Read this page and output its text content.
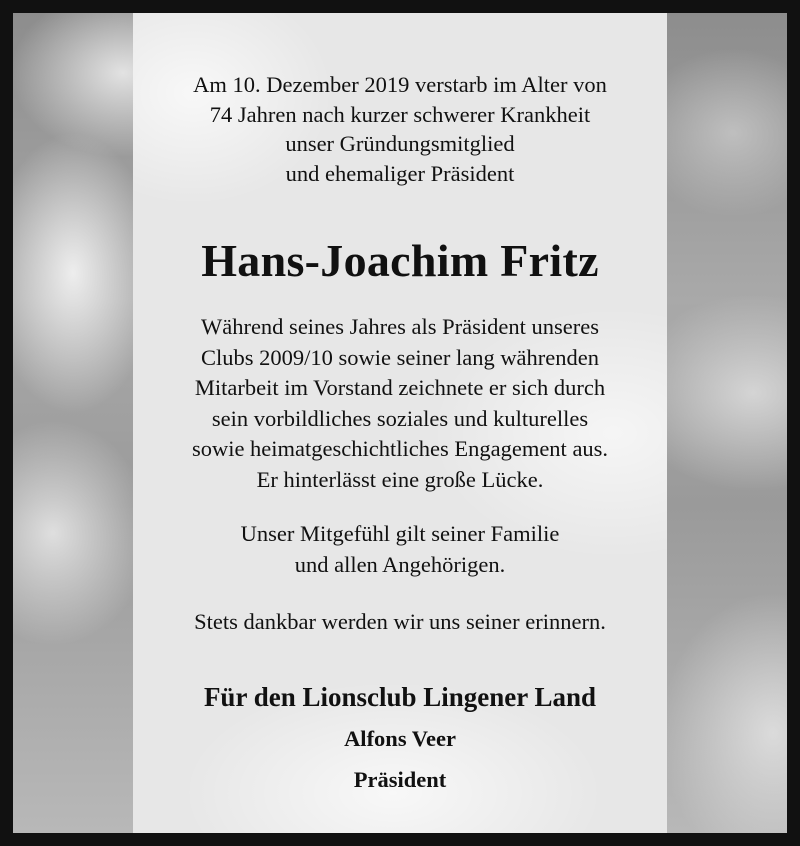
Am 10. Dezember 2019 verstarb im Alter von
74 Jahren nach kurzer schwerer Krankheit
unser Gründungsmitglied
und ehemaliger Präsident
Hans-Joachim Fritz
Während seines Jahres als Präsident unseres
Clubs 2009/10 sowie seiner lang währenden
Mitarbeit im Vorstand zeichnete er sich durch
sein vorbildliches soziales und kulturelles
sowie heimatgeschichtliches Engagement aus.
Er hinterlässt eine große Lücke.
Unser Mitgefühl gilt seiner Familie
und allen Angehörigen.
Stets dankbar werden wir uns seiner erinnern.
Für den Lionsclub Lingener Land
Alfons Veer
Präsident
